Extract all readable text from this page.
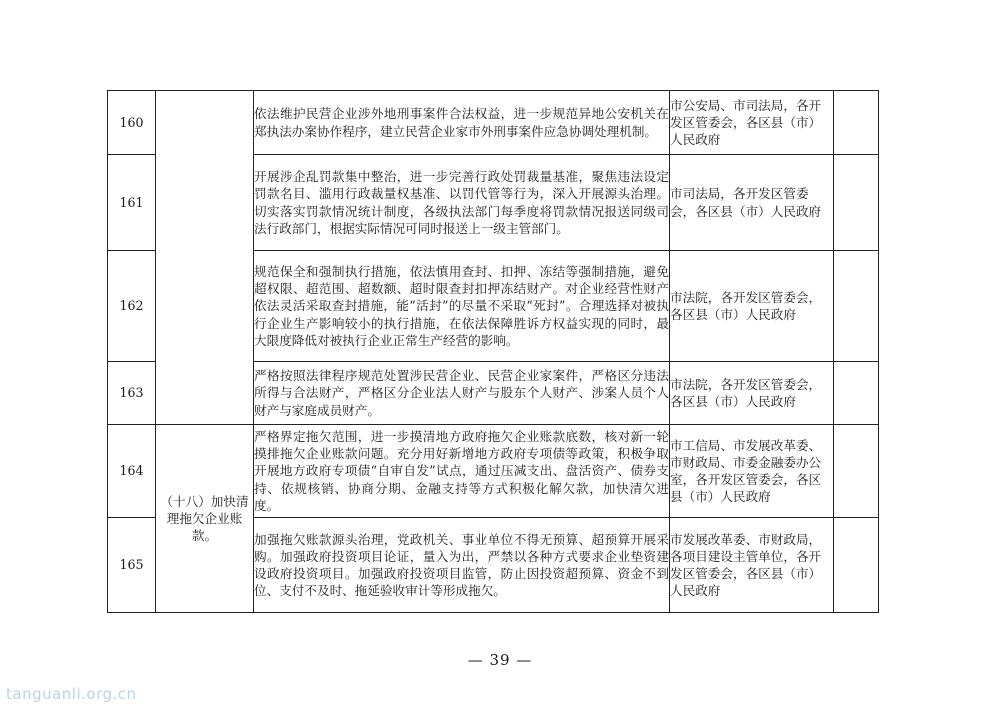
160		依法维护民营企业涉外地刑事案件合法权益，进一步规范异地公安机关在郑执法办案协作程序，建立民营企业家市外刑事案件应急协调处理机制。	市公安局、市司法局，各开发区管委会，各区县（市）人民政府	
161		开展涉企乱罚款集中整治，进一步完善行政处罚裁量基准，聚焦违法设定罚款名目、滥用行政裁量权基准、以罚代管等行为，深入开展源头治理。切实落实罚款情况统计制度，各级执法部门每季度将罚款情况报送同级司法行政部门，根据实际情况可同时报送上一级主管部门。	市司法局，各开发区管委会，各区县（市）人民政府	
162		规范保全和强制执行措施，依法慎用查封、扣押、冻结等强制措施，避免超权限、超范围、超数额、超时限查封扣押冻结财产。对企业经营性财产依法灵活采取查封措施，能“活封”的尽量不采取“死封”。合理选择对被执行企业生产影响较小的执行措施，在依法保障胜诉方权益实现的同时，最大限度降低对被执行企业正常生产经营的影响。	市法院，各开发区管委会，各区县（市）人民政府	
163		严格按照法律程序规范处置涉民营企业、民营企业家案件，严格区分违法所得与合法财产，严格区分企业法人财产与股东个人财产、涉案人员个人财产与家庭成员财产。	市法院，各开发区管委会，各区县（市）人民政府	
164	（十八）加快清理拖欠企业账款。	严格界定拖欠范围，进一步摸清地方政府拖欠企业账款底数，核对新一轮摸排拖欠企业账款问题。充分用好新增地方政府专项债等政策，积极争取开展地方政府专项债“自审自发”试点，通过压减支出、盘活资产、债券支持、依规核销、协商分期、金融支持等方式积极化解欠款，加快清欠进度。	市工信局、市发展改革委、市财政局、市委金融委办公室，各开发区管委会，各区县（市）人民政府	
165		加强拖欠账款源头治理，党政机关、事业单位不得无预算、超预算开展采购。加强政府投资项目论证，量入为出，严禁以各种方式要求企业垫资建设政府投资项目。加强政府投资项目监管，防止因投资超预算、资金不到位、支付不及时、拖延验收审计等形成拖欠。	市发展改革委、市财政局，各项目建设主管单位，各开发区管委会，各区县（市）人民政府	
— 39 —
tanguanli.org.cn
